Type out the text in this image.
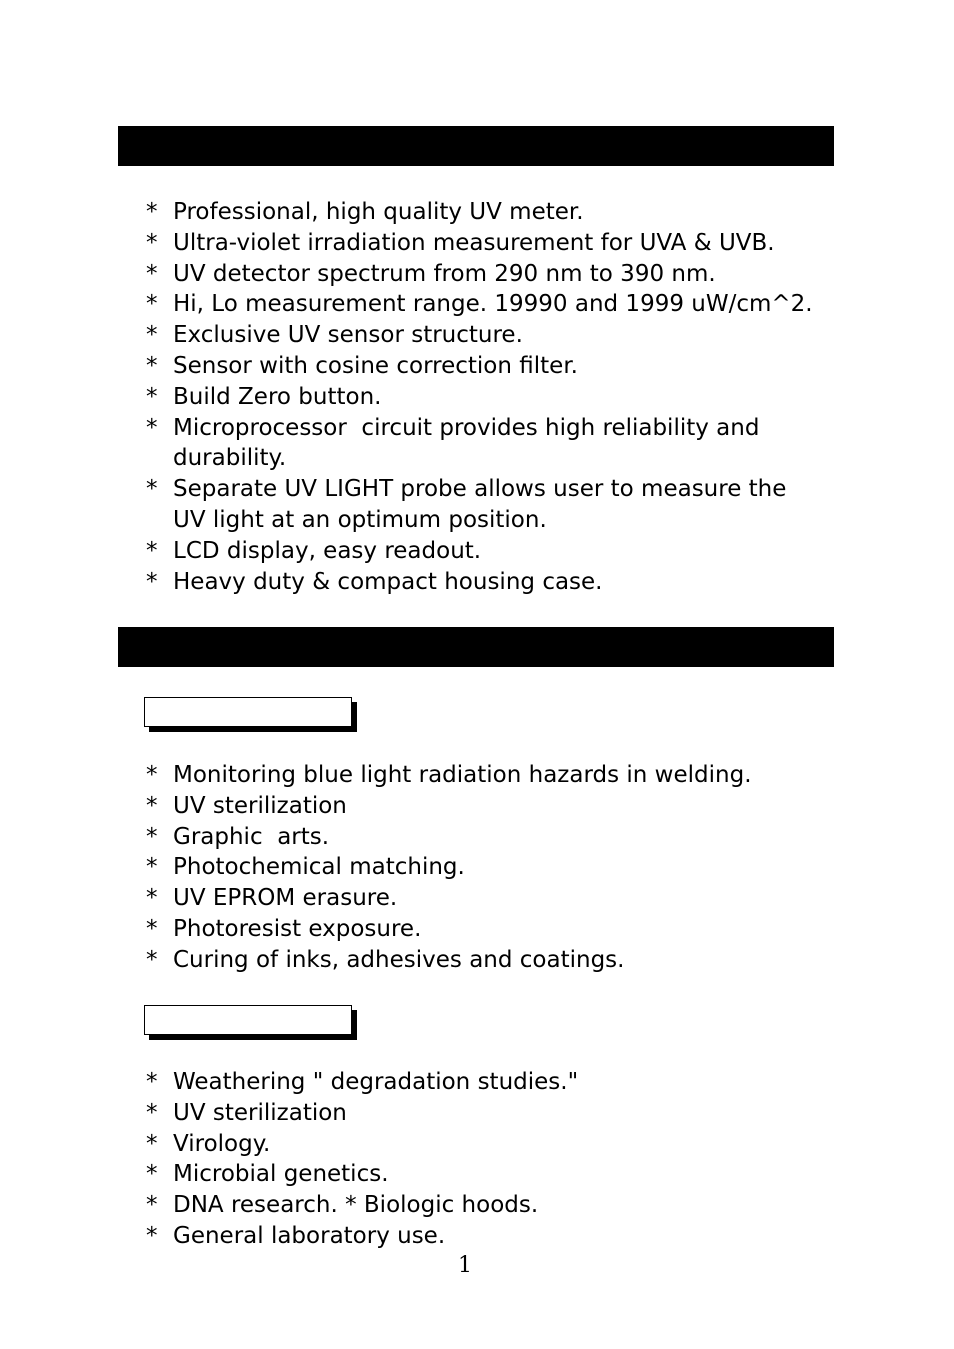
* Professional, high quality UV meter.
* Ultra-violet irradiation measurement for UVA & UVB.
* UV detector spectrum from 290 nm to 390 nm.
* Hi, Lo measurement range. 19990 and 1999 uW/cm^2.
* Exclusive UV sensor structure.
* Sensor with cosine correction filter.
* Build Zero button.
* Microprocessor  circuit provides high reliability and
durability.
* Separate UV LIGHT probe allows user to measure the
UV light at an optimum position.
* LCD display, easy readout.
* Heavy duty & compact housing case.
* Monitoring blue light radiation hazards in welding.
* UV sterilization
* Graphic  arts.
* Photochemical matching.
* UV EPROM erasure.
* Photoresist exposure.
* Curing of inks, adhesives and coatings.
* Weathering " degradation studies."
* UV sterilization
* Virology.
* Microbial genetics.
* DNA research. * Biologic hoods.
* General laboratory use.
1
